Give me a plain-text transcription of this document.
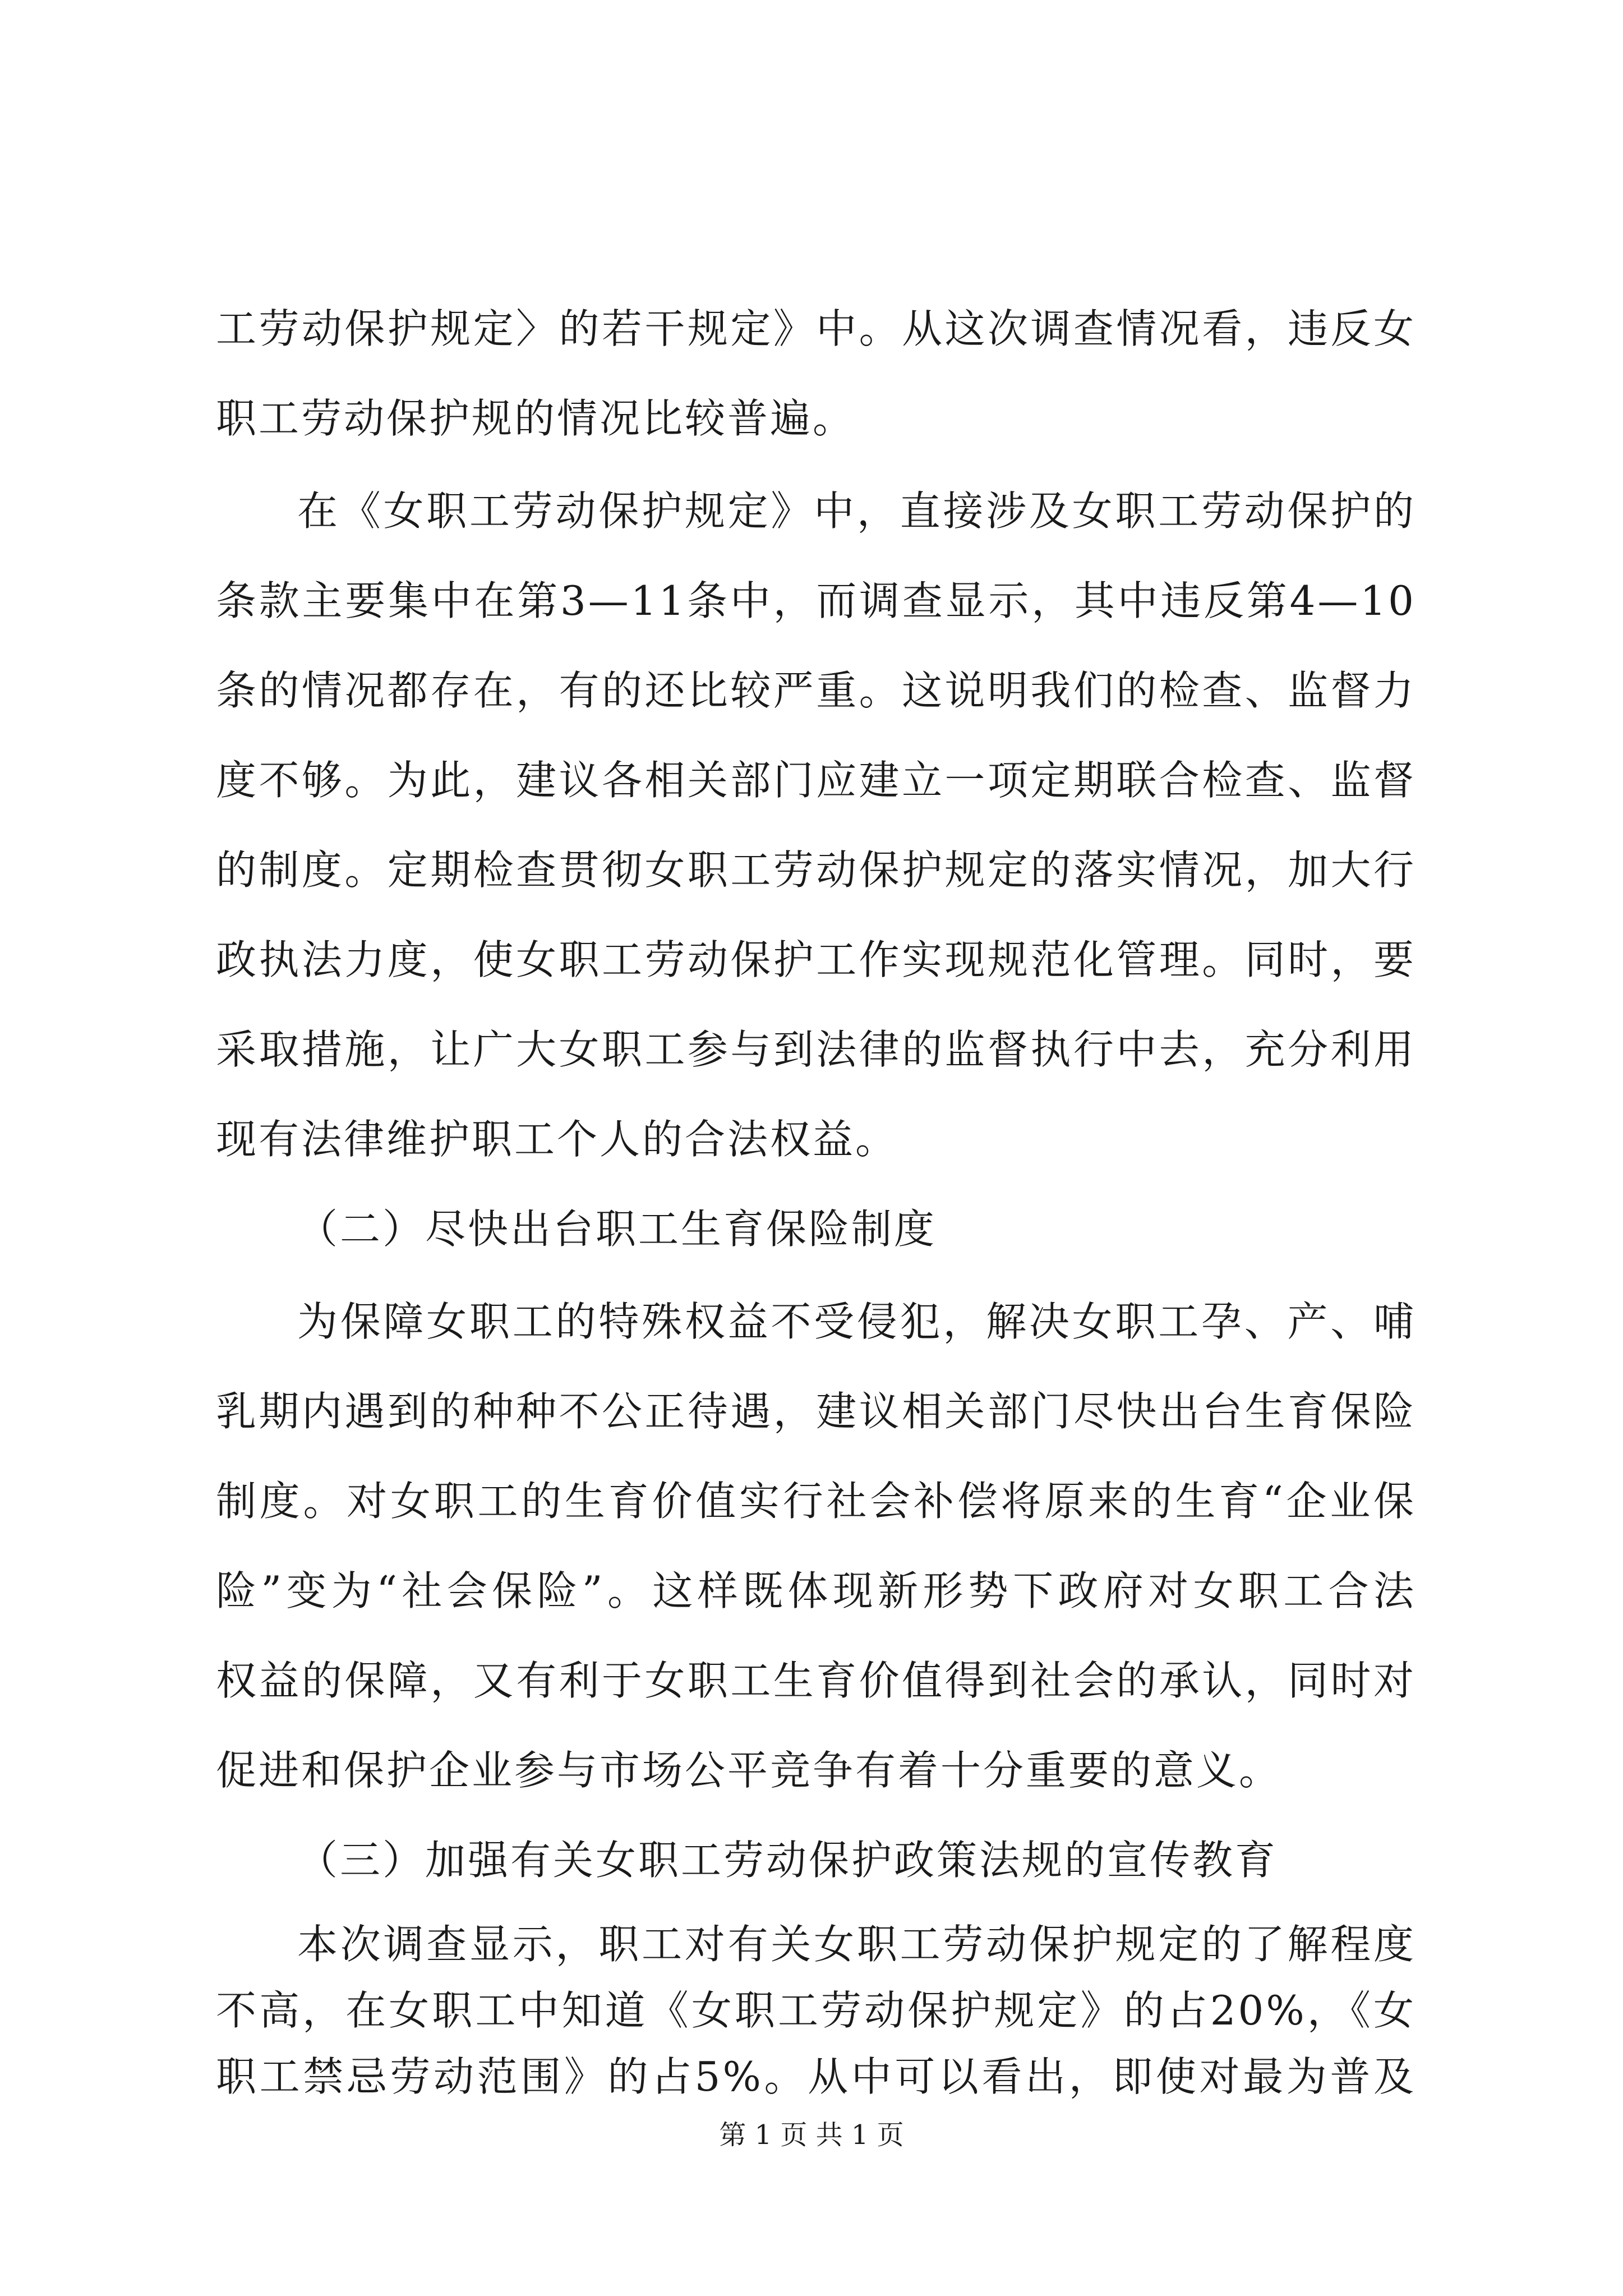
工劳动保护规定〉的若干规定》中。从这次调查情况看，违反女
职工劳动保护规的情况比较普遍。
在《女职工劳动保护规定》中，直接涉及女职工劳动保护的
条款主要集中在第3—11条中，而调查显示，其中违反第4—10
条的情况都存在，有的还比较严重。这说明我们的检查、监督力
度不够。为此，建议各相关部门应建立一项定期联合检查、监督
的制度。定期检查贯彻女职工劳动保护规定的落实情况，加大行
政执法力度，使女职工劳动保护工作实现规范化管理。同时，要
采取措施，让广大女职工参与到法律的监督执行中去，充分利用
现有法律维护职工个人的合法权益。
（二）尽快出台职工生育保险制度
为保障女职工的特殊权益不受侵犯，解决女职工孕、产、哺
乳期内遇到的种种不公正待遇，建议相关部门尽快出台生育保险
制度。对女职工的生育价值实行社会补偿将原来的生育“企业保
险”变为“社会保险”。这样既体现新形势下政府对女职工合法
权益的保障，又有利于女职工生育价值得到社会的承认，同时对
促进和保护企业参与市场公平竞争有着十分重要的意义。
（三）加强有关女职工劳动保护政策法规的宣传教育
本次调查显示，职工对有关女职工劳动保护规定的了解程度
不高，在女职工中知道《女职工劳动保护规定》的占20%，《女
第 1 页 共 1 页
职工禁忌劳动范围》的占5%。从中可以看出，即使对最为普及
